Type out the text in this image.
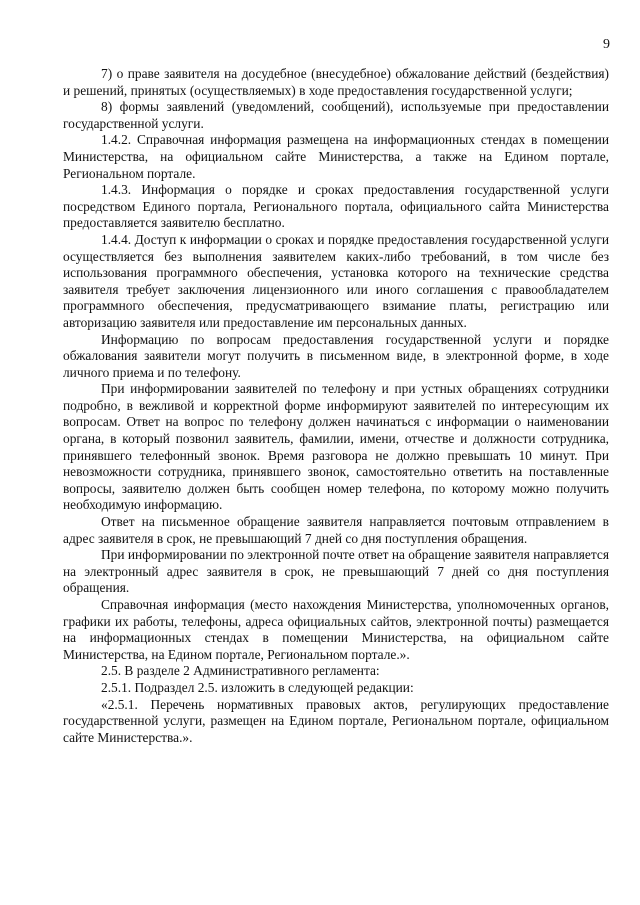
9

7) о праве заявителя на досудебное (внесудебное) обжалование действий (бездействия) и решений, принятых (осуществляемых) в ходе предоставления государственной услуги;

8) формы заявлений (уведомлений, сообщений), используемые при предоставлении государственной услуги.

1.4.2. Справочная информация размещена на информационных стендах в помещении Министерства, на официальном сайте Министерства, а также на Едином портале, Региональном портале.

1.4.3. Информация о порядке и сроках предоставления государственной услуги посредством Единого портала, Регионального портала, официального сайта Министерства предоставляется заявителю бесплатно.

1.4.4. Доступ к информации о сроках и порядке предоставления государственной услуги осуществляется без выполнения заявителем каких-либо требований, в том числе без использования программного обеспечения, установка которого на технические средства заявителя требует заключения лицензионного или иного соглашения с правообладателем программного обеспечения, предусматривающего взимание платы, регистрацию или авторизацию заявителя или предоставление им персональных данных.

Информацию по вопросам предоставления государственной услуги и порядке обжалования заявители могут получить в письменном виде, в электронной форме, в ходе личного приема и по телефону.

При информировании заявителей по телефону и при устных обращениях сотрудники подробно, в вежливой и корректной форме информируют заявителей по интересующим их вопросам. Ответ на вопрос по телефону должен начинаться с информации о наименовании органа, в который позвонил заявитель, фамилии, имени, отчестве и должности сотрудника, принявшего телефонный звонок. Время разговора не должно превышать 10 минут. При невозможности сотрудника, принявшего звонок, самостоятельно ответить на поставленные вопросы, заявителю должен быть сообщен номер телефона, по которому можно получить необходимую информацию.

Ответ на письменное обращение заявителя направляется почтовым отправлением в адрес заявителя в срок, не превышающий 7 дней со дня поступления обращения.

При информировании по электронной почте ответ на обращение заявителя направляется на электронный адрес заявителя в срок, не превышающий 7 дней со дня поступления обращения.

Справочная информация (место нахождения Министерства, уполномоченных органов, графики их работы, телефоны, адреса официальных сайтов, электронной почты) размещается на информационных стендах в помещении Министерства, на официальном сайте Министерства, на Едином портале, Региональном портале.».

2.5. В разделе 2 Административного регламента:

2.5.1. Подраздел 2.5. изложить в следующей редакции:

«2.5.1. Перечень нормативных правовых актов, регулирующих предоставление государственной услуги, размещен на Едином портале, Региональном портале, официальном сайте Министерства.».
